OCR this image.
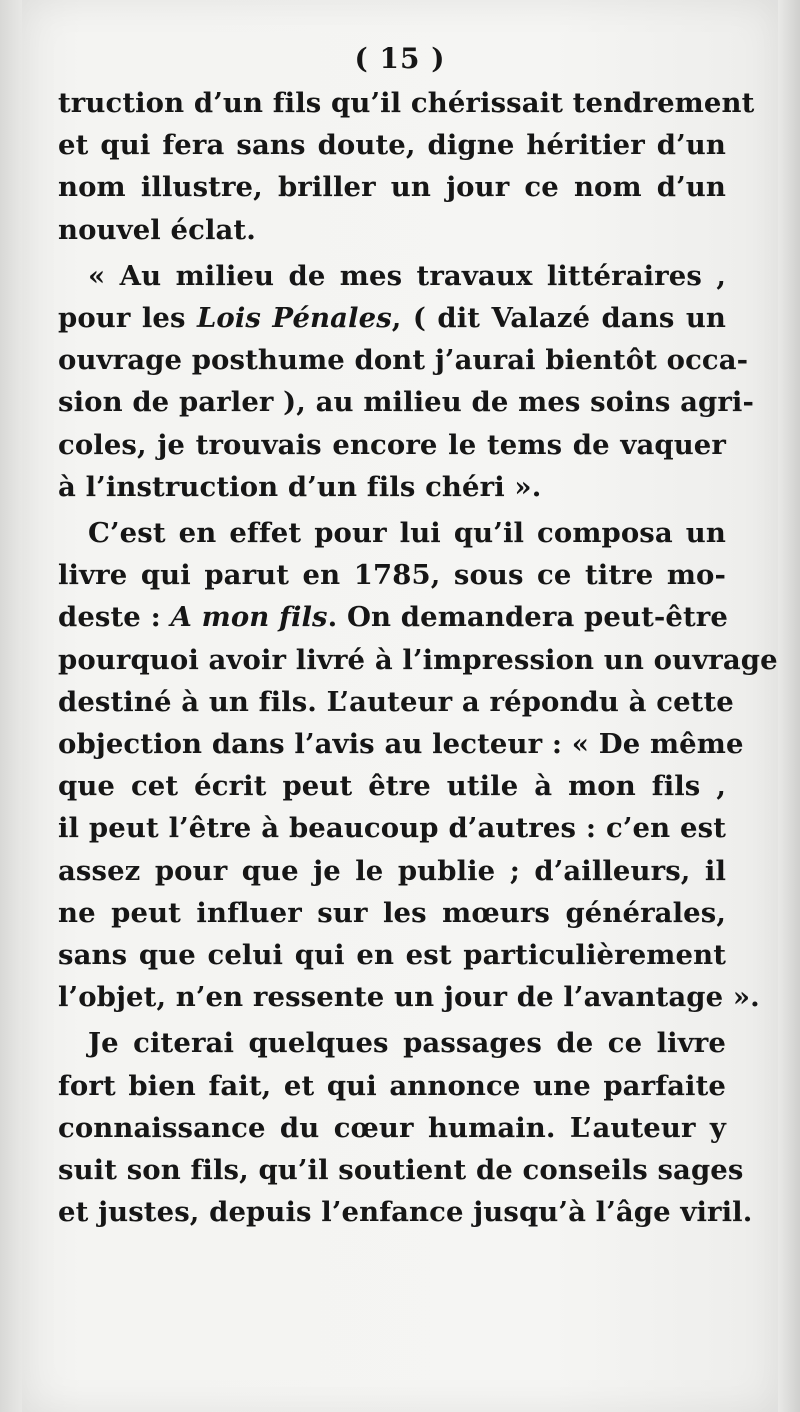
( 15 )
truction d’un fils qu’il chérissait tendrement
et qui fera sans doute, digne héritier d’un
nom illustre, briller un jour ce nom d’un
nouvel éclat.
« Au milieu de mes travaux littéraires ,
pour les Lois Pénales, ( dit Valazé dans un
ouvrage posthume dont j’aurai bientôt occa-
sion de parler ), au milieu de mes soins agri-
coles, je trouvais encore le tems de vaquer
à l’instruction d’un fils chéri ».
C’est en effet pour lui qu’il composa un
livre qui parut en 1785, sous ce titre mo-
deste : A mon fils. On demandera peut-être
pourquoi avoir livré à l’impression un ouvrage
destiné à un fils. L’auteur a répondu à cette
objection dans l’avis au lecteur : « De même
que cet écrit peut être utile à mon fils ,
il peut l’être à beaucoup d’autres : c’en est
assez pour que je le publie ; d’ailleurs, il
ne peut influer sur les mœurs générales,
sans que celui qui en est particulièrement
l’objet, n’en ressente un jour de l’avantage ».
Je citerai quelques passages de ce livre
fort bien fait, et qui annonce une parfaite
connaissance du cœur humain. L’auteur y
suit son fils, qu’il soutient de conseils sages
et justes, depuis l’enfance jusqu’à l’âge viril.
